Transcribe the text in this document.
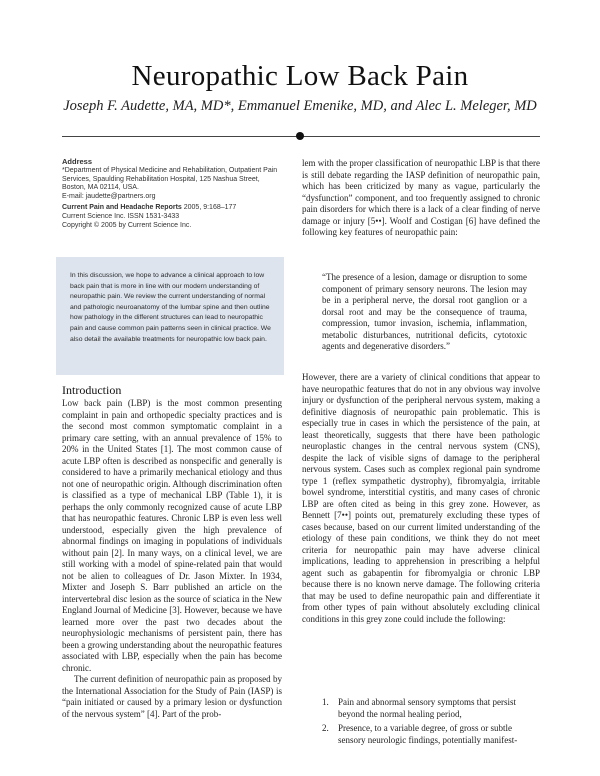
Neuropathic Low Back Pain
Joseph F. Audette, MA, MD*, Emmanuel Emenike, MD, and Alec L. Meleger, MD
Address
*Department of Physical Medicine and Rehabilitation, Outpatient Pain
Services, Spaulding Rehabilitation Hospital, 125 Nashua Street,
Boston, MA 02114, USA.
E-mail: jaudette@partners.org
Current Pain and Headache Reports 2005, 9:168–177
Current Science Inc. ISSN 1531-3433
Copyright © 2005 by Current Science Inc.
In this discussion, we hope to advance a clinical approach to low back pain that is more in line with our modern understanding of neuropathic pain. We review the current understanding of normal and pathologic neuroanatomy of the lumbar spine and then outline how pathology in the different structures can lead to neuropathic pain and cause common pain patterns seen in clinical practice. We also detail the available treatments for neuropathic low back pain.
Introduction

Low back pain (LBP) is the most common presenting complaint in pain and orthopedic specialty practices and is the second most common symptomatic complaint in a primary care setting, with an annual prevalence of 15% to 20% in the United States [1]. The most common cause of acute LBP often is described as nonspecific and generally is considered to have a primarily mechanical etiology and thus not one of neuropathic origin. Although discrimination often is classified as a type of mechanical LBP (Table 1), it is perhaps the only commonly recognized cause of acute LBP that has neuropathic features. Chronic LBP is even less well understood, especially given the high prevalence of abnormal findings on imaging in populations of individuals without pain [2]. In many ways, on a clinical level, we are still working with a model of spine-related pain that would not be alien to colleagues of Dr. Jason Mixter. In 1934, Mixter and Joseph S. Barr published an article on the intervertebral disc lesion as the source of sciatica in the New England Journal of Medicine [3]. However, because we have learned more over the past two decades about the neurophysiologic mechanisms of persistent pain, there has been a growing understanding about the neuropathic features associated with LBP, especially when the pain has become chronic.

The current definition of neuropathic pain as proposed by the International Association for the Study of Pain (IASP) is “pain initiated or caused by a primary lesion or dysfunction of the nervous system” [4]. Part of the prob-

lem with the proper classification of neuropathic LBP is that there is still debate regarding the IASP definition of neuropathic pain, which has been criticized by many as vague, particularly the “dysfunction” component, and too frequently assigned to chronic pain disorders for which there is a lack of a clear finding of nerve damage or injury [5••]. Woolf and Costigan [6] have defined the following key features of neuropathic pain:

“The presence of a lesion, damage or disruption to some component of primary sensory neurons. The lesion may be in a peripheral nerve, the dorsal root ganglion or a dorsal root and may be the consequence of trauma, compression, tumor invasion, ischemia, inflammation, metabolic disturbances, nutritional deficits, cytotoxic agents and degenerative disorders.”

However, there are a variety of clinical conditions that appear to have neuropathic features that do not in any obvious way involve injury or dysfunction of the peripheral nervous system, making a definitive diagnosis of neuropathic pain problematic. This is especially true in cases in which the persistence of the pain, at least theoretically, suggests that there have been pathologic neuroplastic changes in the central nervous system (CNS), despite the lack of visible signs of damage to the peripheral nervous system. Cases such as complex regional pain syndrome type 1 (reflex sympathetic dystrophy), fibromyalgia, irritable bowel syndrome, interstitial cystitis, and many cases of chronic LBP are often cited as being in this grey zone. However, as Bennett [7••] points out, prematurely excluding these types of cases because, based on our current limited understanding of the etiology of these pain conditions, we think they do not meet criteria for neuropathic pain may have adverse clinical implications, leading to apprehension in prescribing a helpful agent such as gabapentin for fibromyalgia or chronic LBP because there is no known nerve damage. The following criteria that may be used to define neuropathic pain and differentiate it from other types of pain without absolutely excluding clinical conditions in this grey zone could include the following:

1.	Pain and abnormal sensory symptoms that persist beyond the normal healing period,
2.	Presence, to a variable degree, of gross or subtle sensory neurologic findings, potentially manifest-
